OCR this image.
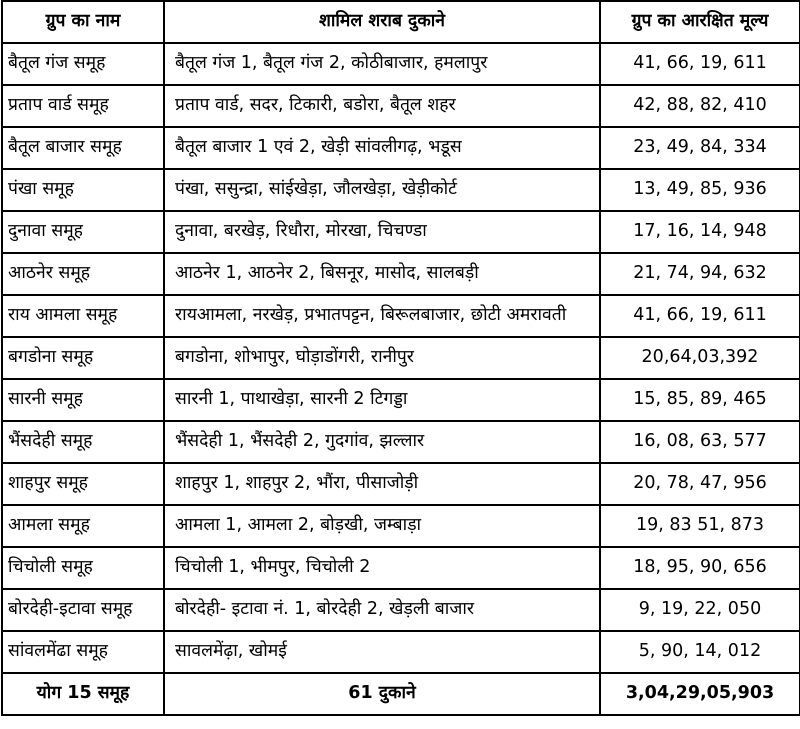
ग्रुप का नाम	शामिल शराब दुकाने	ग्रुप का आरक्षित मूल्य
बैतूल गंज समूह	बैतूल गंज 1, बैतूल गंज 2, कोठीबाजार, हमलापुर	41, 66, 19, 611
प्रताप वार्ड समूह	प्रताप वार्ड, सदर, टिकारी, बडोरा, बैतूल शहर	42, 88, 82, 410
बैतूल बाजार समूह	बैतूल बाजार 1 एवं 2, खेड़ी सांवलीगढ़, भडूस	23, 49, 84, 334
पंखा समूह	पंखा, ससुन्द्रा, सांईखेड़ा, जौलखेड़ा, खेड़ीकोर्ट	13, 49, 85, 936
दुनावा समूह	दुनावा, बरखेड़, रिधौरा, मोरखा, चिचण्डा	17, 16, 14, 948
आठनेर समूह	आठनेर 1, आठनेर 2, बिसनूर, मासोद, सालबड़ी	21, 74, 94, 632
राय आमला समूह	रायआमला, नरखेड़, प्रभातपट्टन, बिरूलबाजार, छोटी अमरावती	41, 66, 19, 611
बगडोना समूह	बगडोना, शोभापुर, घोड़ाडोंगरी, रानीपुर	20,64,03,392
सारनी समूह	सारनी 1, पाथाखेड़ा, सारनी 2 टिगड्डा	15, 85, 89, 465
भैंसदेही समूह	भैंसदेही 1, भैंसदेही 2, गुदगांव, झल्लार	16, 08, 63, 577
शाहपुर समूह	शाहपुर 1, शाहपुर 2, भौंरा, पीसाजोड़ी	20, 78, 47, 956
आमला समूह	आमला 1, आमला 2, बोड़खी, जम्बाड़ा	19, 83 51, 873
चिचोली समूह	चिचोली 1, भीमपुर, चिचोली 2	18, 95, 90, 656
बोरदेही-इटावा समूह	बोरदेही- इटावा नं. 1, बोरदेही 2, खेड़ली बाजार	9, 19, 22, 050
सांवलमेंढा समूह	सावलमेंढ़ा, खोमई	5, 90, 14, 012
योग 15 समूह	61 दुकाने	3,04,29,05,903
